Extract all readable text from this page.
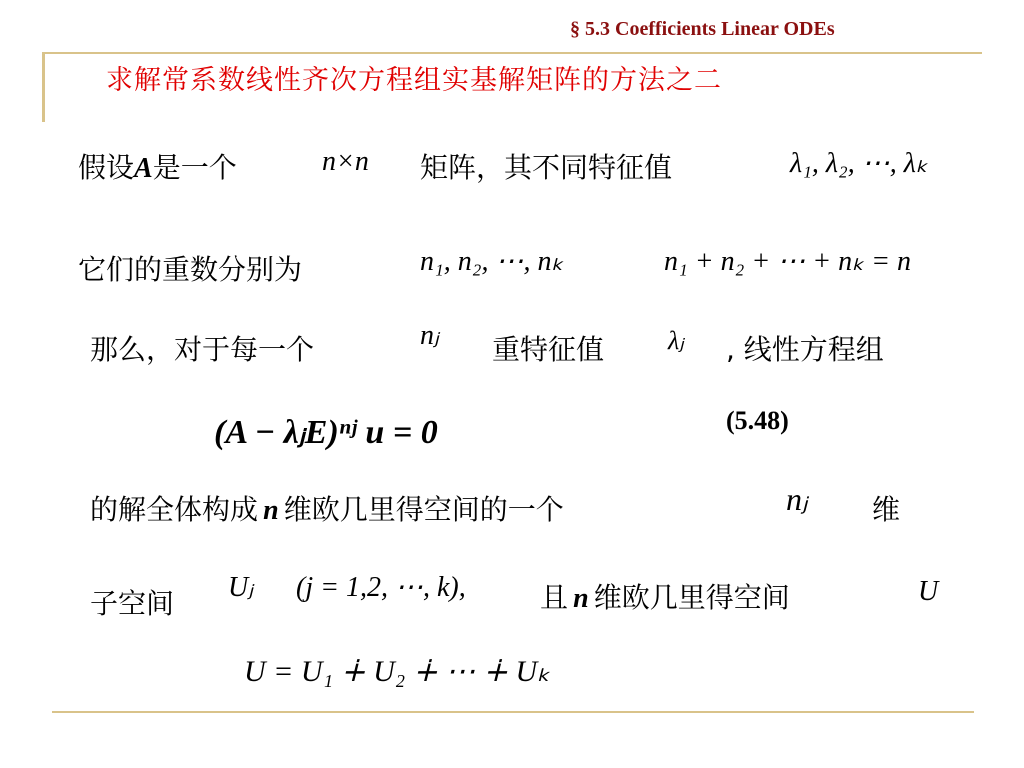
§ 5.3 Coefficients Linear ODEs
求解常系数线性齐次方程组实基解矩阵的方法之二
假设A是一个	n×n 矩阵，其不同特征值	λ₁, λ₂, ⋯, λₖ
它们的重数分别为	n₁, n₂, ⋯, nₖ	n₁ + n₂ + ⋯ + nₖ = n
那么，对于每一个	nⱼ 重特征值 λⱼ , 线性方程组
(A − λⱼE)ⁿʲ u = 0	(5.48)
的解全体构成 n 维欧几里得空间的一个	nⱼ 维
子空间 Uⱼ (j = 1,2, ⋯, k),	且 n 维欧几里得空间	U
U = U₁ ∔ U₂ ∔ ⋯ ∔ Uₖ
